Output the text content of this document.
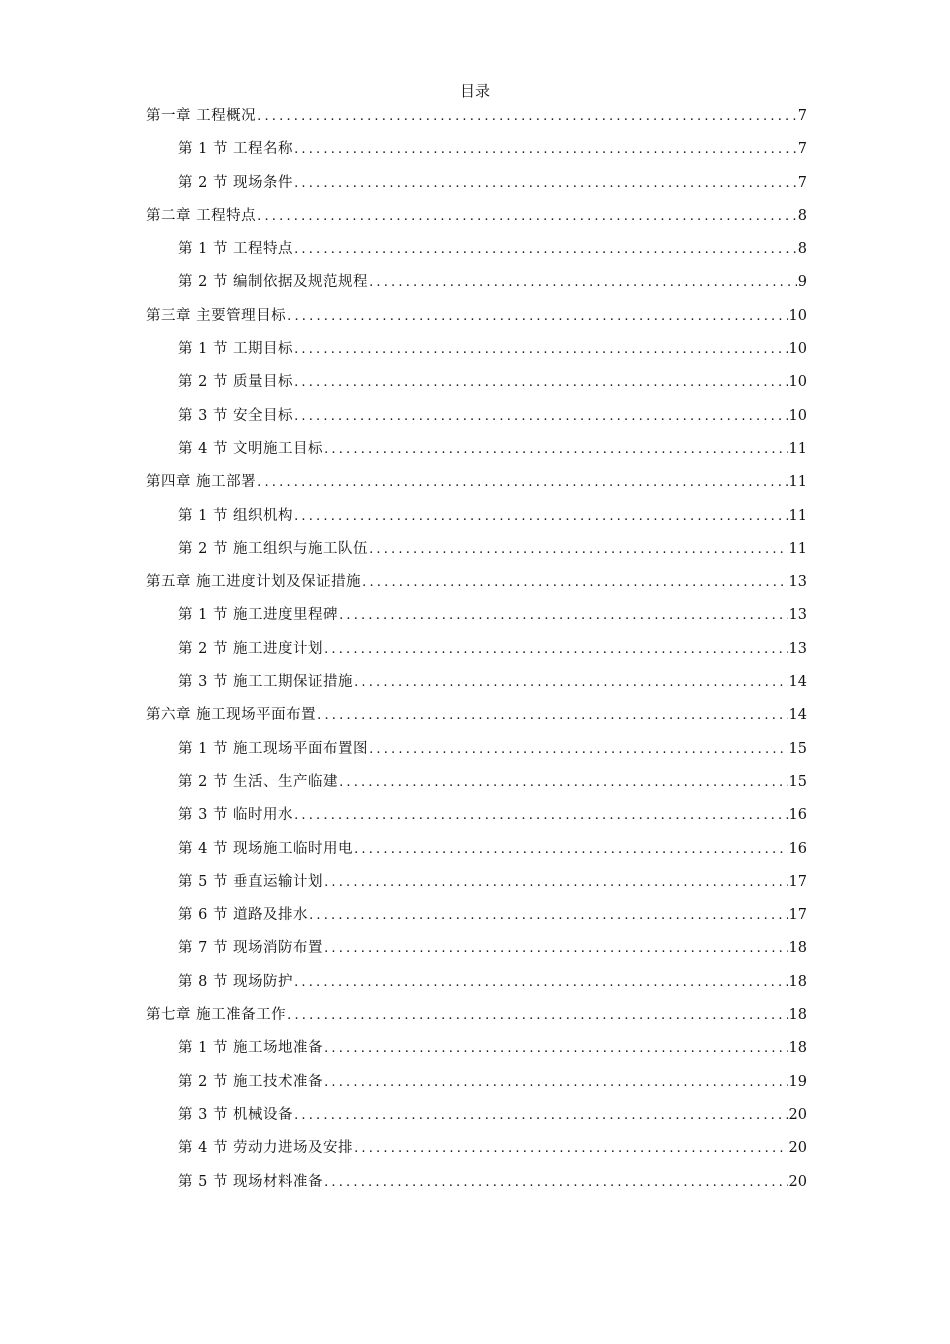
目录
第一章 工程概况 .....	7
第 1 节 工程名称 .....	7
第 2 节 现场条件 .....	7
第二章 工程特点 .....	8
第 1 节 工程特点 .....	8
第 2 节 编制依据及规范规程 .....	9
第三章 主要管理目标 .....	10
第 1 节 工期目标 .....	10
第 2 节 质量目标 .....	10
第 3 节 安全目标 .....	10
第 4 节 文明施工目标 .....	11
第四章 施工部署 .....	11
第 1 节 组织机构 .....	11
第 2 节 施工组织与施工队伍 .....	11
第五章 施工进度计划及保证措施 .....	13
第 1 节 施工进度里程碑 .....	13
第 2 节 施工进度计划 .....	13
第 3 节 施工工期保证措施 .....	14
第六章 施工现场平面布置 .....	14
第 1 节 施工现场平面布置图 .....	15
第 2 节 生活、生产临建 .....	15
第 3 节 临时用水 .....	16
第 4 节 现场施工临时用电 .....	16
第 5 节 垂直运输计划 .....	17
第 6 节 道路及排水 .....	17
第 7 节 现场消防布置 .....	18
第 8 节 现场防护 .....	18
第七章 施工准备工作 .....	18
第 1 节 施工场地准备 .....	18
第 2 节 施工技术准备 .....	19
第 3 节 机械设备 .....	20
第 4 节 劳动力进场及安排 .....	20
第 5 节 现场材料准备 .....	20
